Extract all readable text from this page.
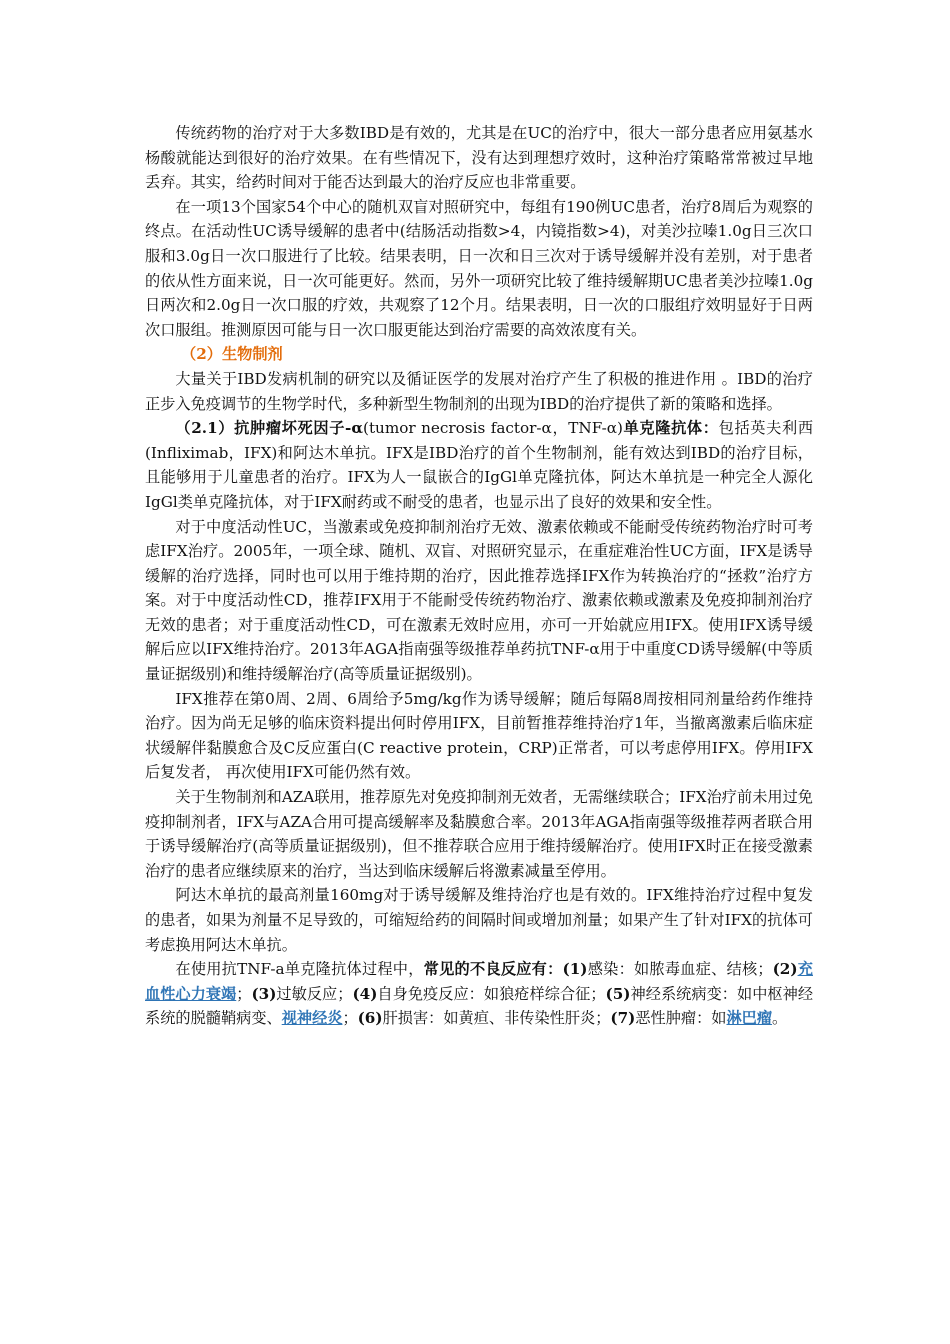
传统药物的治疗对于大多数IBD是有效的，尤其是在UC的治疗中，很大一部分患者应用氨基水杨酸就能达到很好的治疗效果。在有些情况下，没有达到理想疗效时，这种治疗策略常常被过早地丢弃。其实，给药时间对于能否达到最大的治疗反应也非常重要。

在一项13个国家54个中心的随机双盲对照研究中，每组有190例UC患者，治疗8周后为观察的终点。在活动性UC诱导缓解的患者中(结肠活动指数>4，内镜指数>4)，对美沙拉嗪1.0g日三次口服和3.0g日一次口服进行了比较。结果表明，日一次和日三次对于诱导缓解并没有差别，对于患者的依从性方面来说，日一次可能更好。然而，另外一项研究比较了维持缓解期UC患者美沙拉嗪1.0g日两次和2.0g日一次口服的疗效，共观察了12个月。结果表明，日一次的口服组疗效明显好于日两次口服组。推测原因可能与日一次口服更能达到治疗需要的高效浓度有关。

（2）生物制剂

大量关于IBD发病机制的研究以及循证医学的发展对治疗产生了积极的推进作用 。IBD的治疗正步入免疫调节的生物学时代，多种新型生物制剂的出现为IBD的治疗提供了新的策略和选择。

（2.1）抗肿瘤坏死因子-α(tumor necrosis factor-α，TNF-α)单克隆抗体：包括英夫利西(Infliximab，IFX)和阿达木单抗。IFX是IBD治疗的首个生物制剂，能有效达到IBD的治疗目标，且能够用于儿童患者的治疗。IFX为人一鼠嵌合的IgGl单克隆抗体，阿达木单抗是一种完全人源化IgGl类单克隆抗体，对于IFX耐药或不耐受的患者，也显示出了良好的效果和安全性。

对于中度活动性UC，当激素或免疫抑制剂治疗无效、激素依赖或不能耐受传统药物治疗时可考虑IFX治疗。2005年，一项全球、随机、双盲、对照研究显示，在重症难治性UC方面，IFX是诱导缓解的治疗选择，同时也可以用于维持期的治疗，因此推荐选择IFX作为转换治疗的“拯救”治疗方案。对于中度活动性CD，推荐IFX用于不能耐受传统药物治疗、激素依赖或激素及免疫抑制剂治疗无效的患者；对于重度活动性CD，可在激素无效时应用，亦可一开始就应用IFX。使用IFX诱导缓解后应以IFX维持治疗。2013年AGA指南强等级推荐单药抗TNF-α用于中重度CD诱导缓解(中等质量证据级别)和维持缓解治疗(高等质量证据级别)。

IFX推荐在第0周、2周、6周给予5mg/kg作为诱导缓解；随后每隔8周按相同剂量给药作维持治疗。因为尚无足够的临床资料提出何时停用IFX，目前暂推荐维持治疗1年，当撤离激素后临床症状缓解伴黏膜愈合及C反应蛋白(C reactive protein，CRP)正常者，可以考虑停用IFX。停用IFX后复发者， 再次使用IFX可能仍然有效。

关于生物制剂和AZA联用，推荐原先对免疫抑制剂无效者，无需继续联合；IFX治疗前未用过免疫抑制剂者，IFX与AZA合用可提高缓解率及黏膜愈合率。2013年AGA指南强等级推荐两者联合用于诱导缓解治疗(高等质量证据级别)，但不推荐联合应用于维持缓解治疗。使用IFX时正在接受激素治疗的患者应继续原来的治疗，当达到临床缓解后将激素减量至停用。

阿达木单抗的最高剂量160mg对于诱导缓解及维持治疗也是有效的。IFX维持治疗过程中复发的患者，如果为剂量不足导致的，可缩短给药的间隔时间或增加剂量；如果产生了针对IFX的抗体可考虑换用阿达木单抗。

在使用抗TNF-a单克隆抗体过程中，常见的不良反应有：(1)感染：如脓毒血症、结核；(2)充血性心力衰竭；(3)过敏反应；(4)自身免疫反应：如狼疮样综合征；(5)神经系统病变：如中枢神经系统的脱髓鞘病变、视神经炎；(6)肝损害：如黄疸、非传染性肝炎；(7)恶性肿瘤：如淋巴瘤。
